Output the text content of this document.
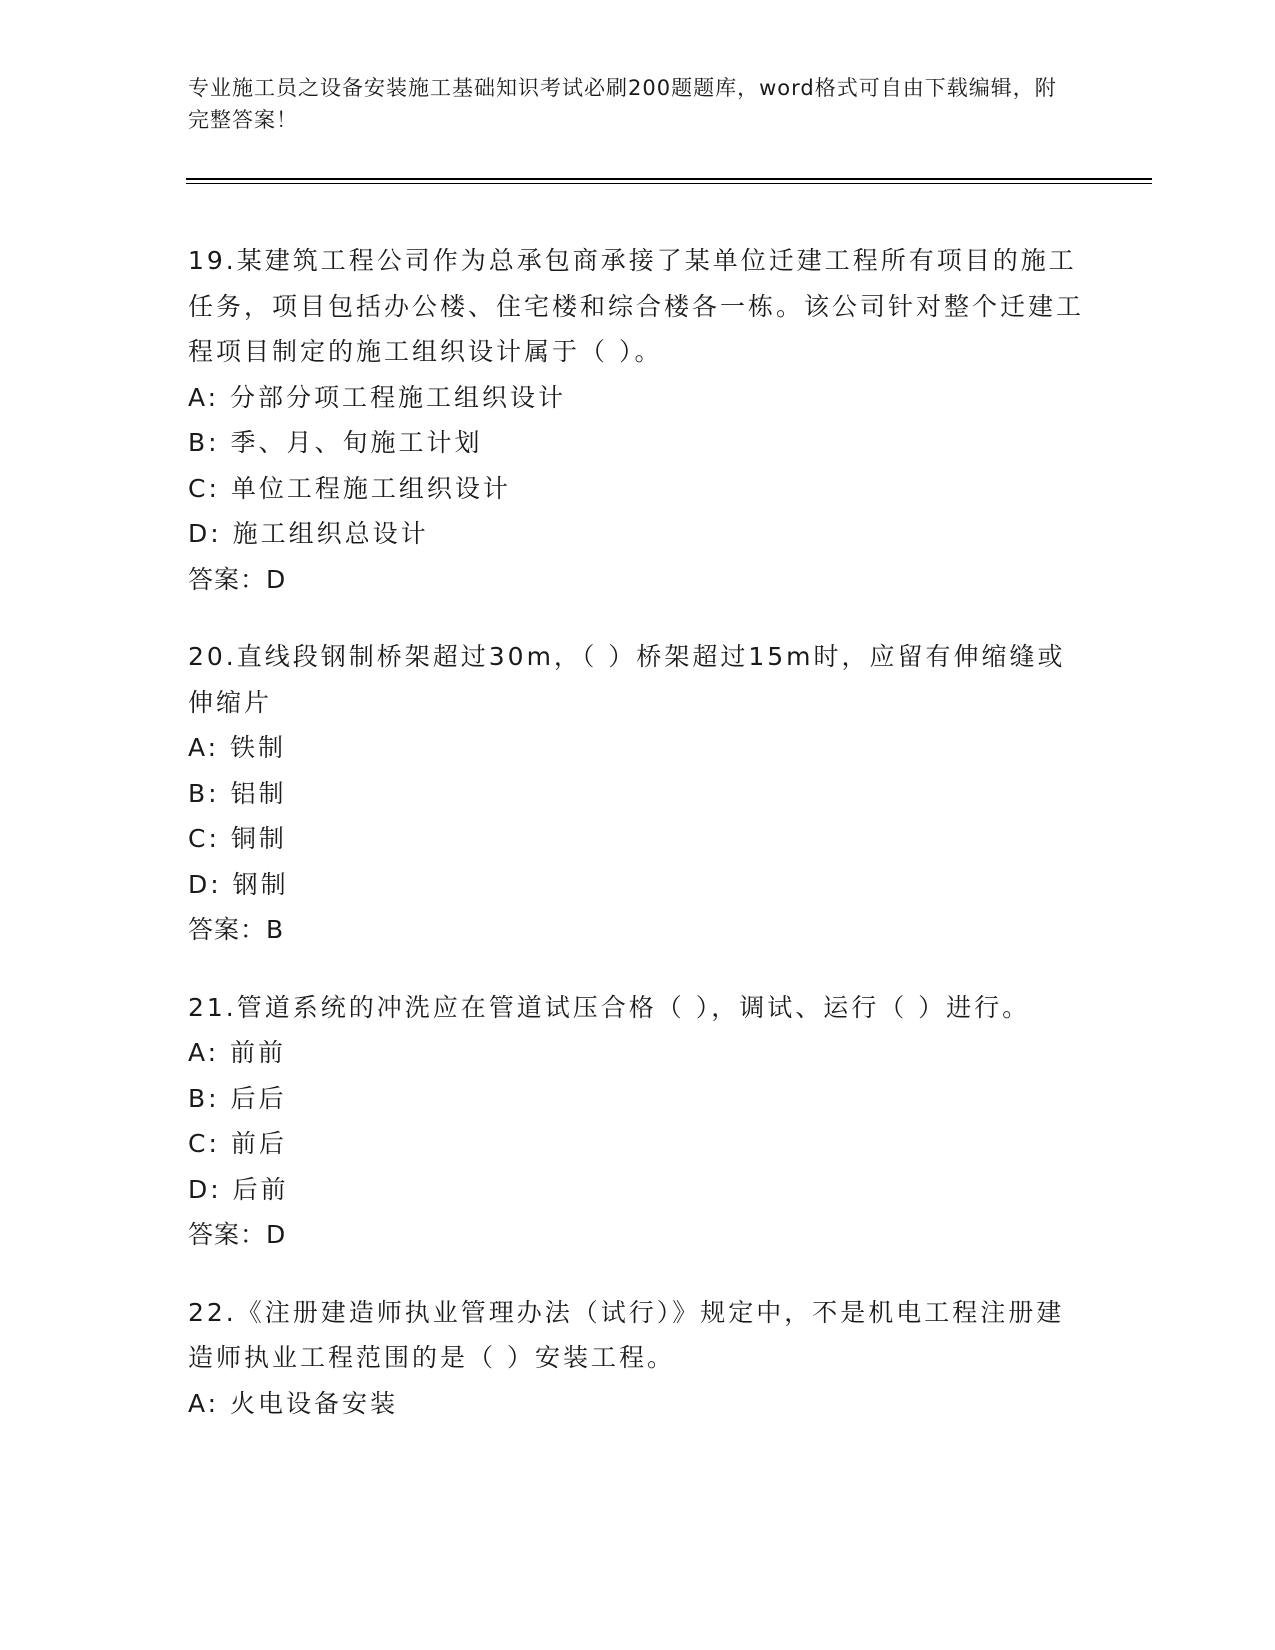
专业施工员之设备安装施工基础知识考试必刷200题题库，word格式可自由下载编辑，附完整答案！
19.某建筑工程公司作为总承包商承接了某单位迁建工程所有项目的施工任务，项目包括办公楼、住宅楼和综合楼各一栋。该公司针对整个迁建工程项目制定的施工组织设计属于（ ）。
A: 分部分项工程施工组织设计
B: 季、月、旬施工计划
C: 单位工程施工组织设计
D: 施工组织总设计
答案：D
20.直线段钢制桥架超过30m，（ ）桥架超过15m时，应留有伸缩缝或伸缩片
A: 铁制
B: 铝制
C: 铜制
D: 钢制
答案：B
21.管道系统的冲洗应在管道试压合格（ ），调试、运行（ ）进行。
A: 前前
B: 后后
C: 前后
D: 后前
答案：D
22.《注册建造师执业管理办法（试行）》规定中，不是机电工程注册建造师执业工程范围的是（ ）安装工程。
A: 火电设备安装
